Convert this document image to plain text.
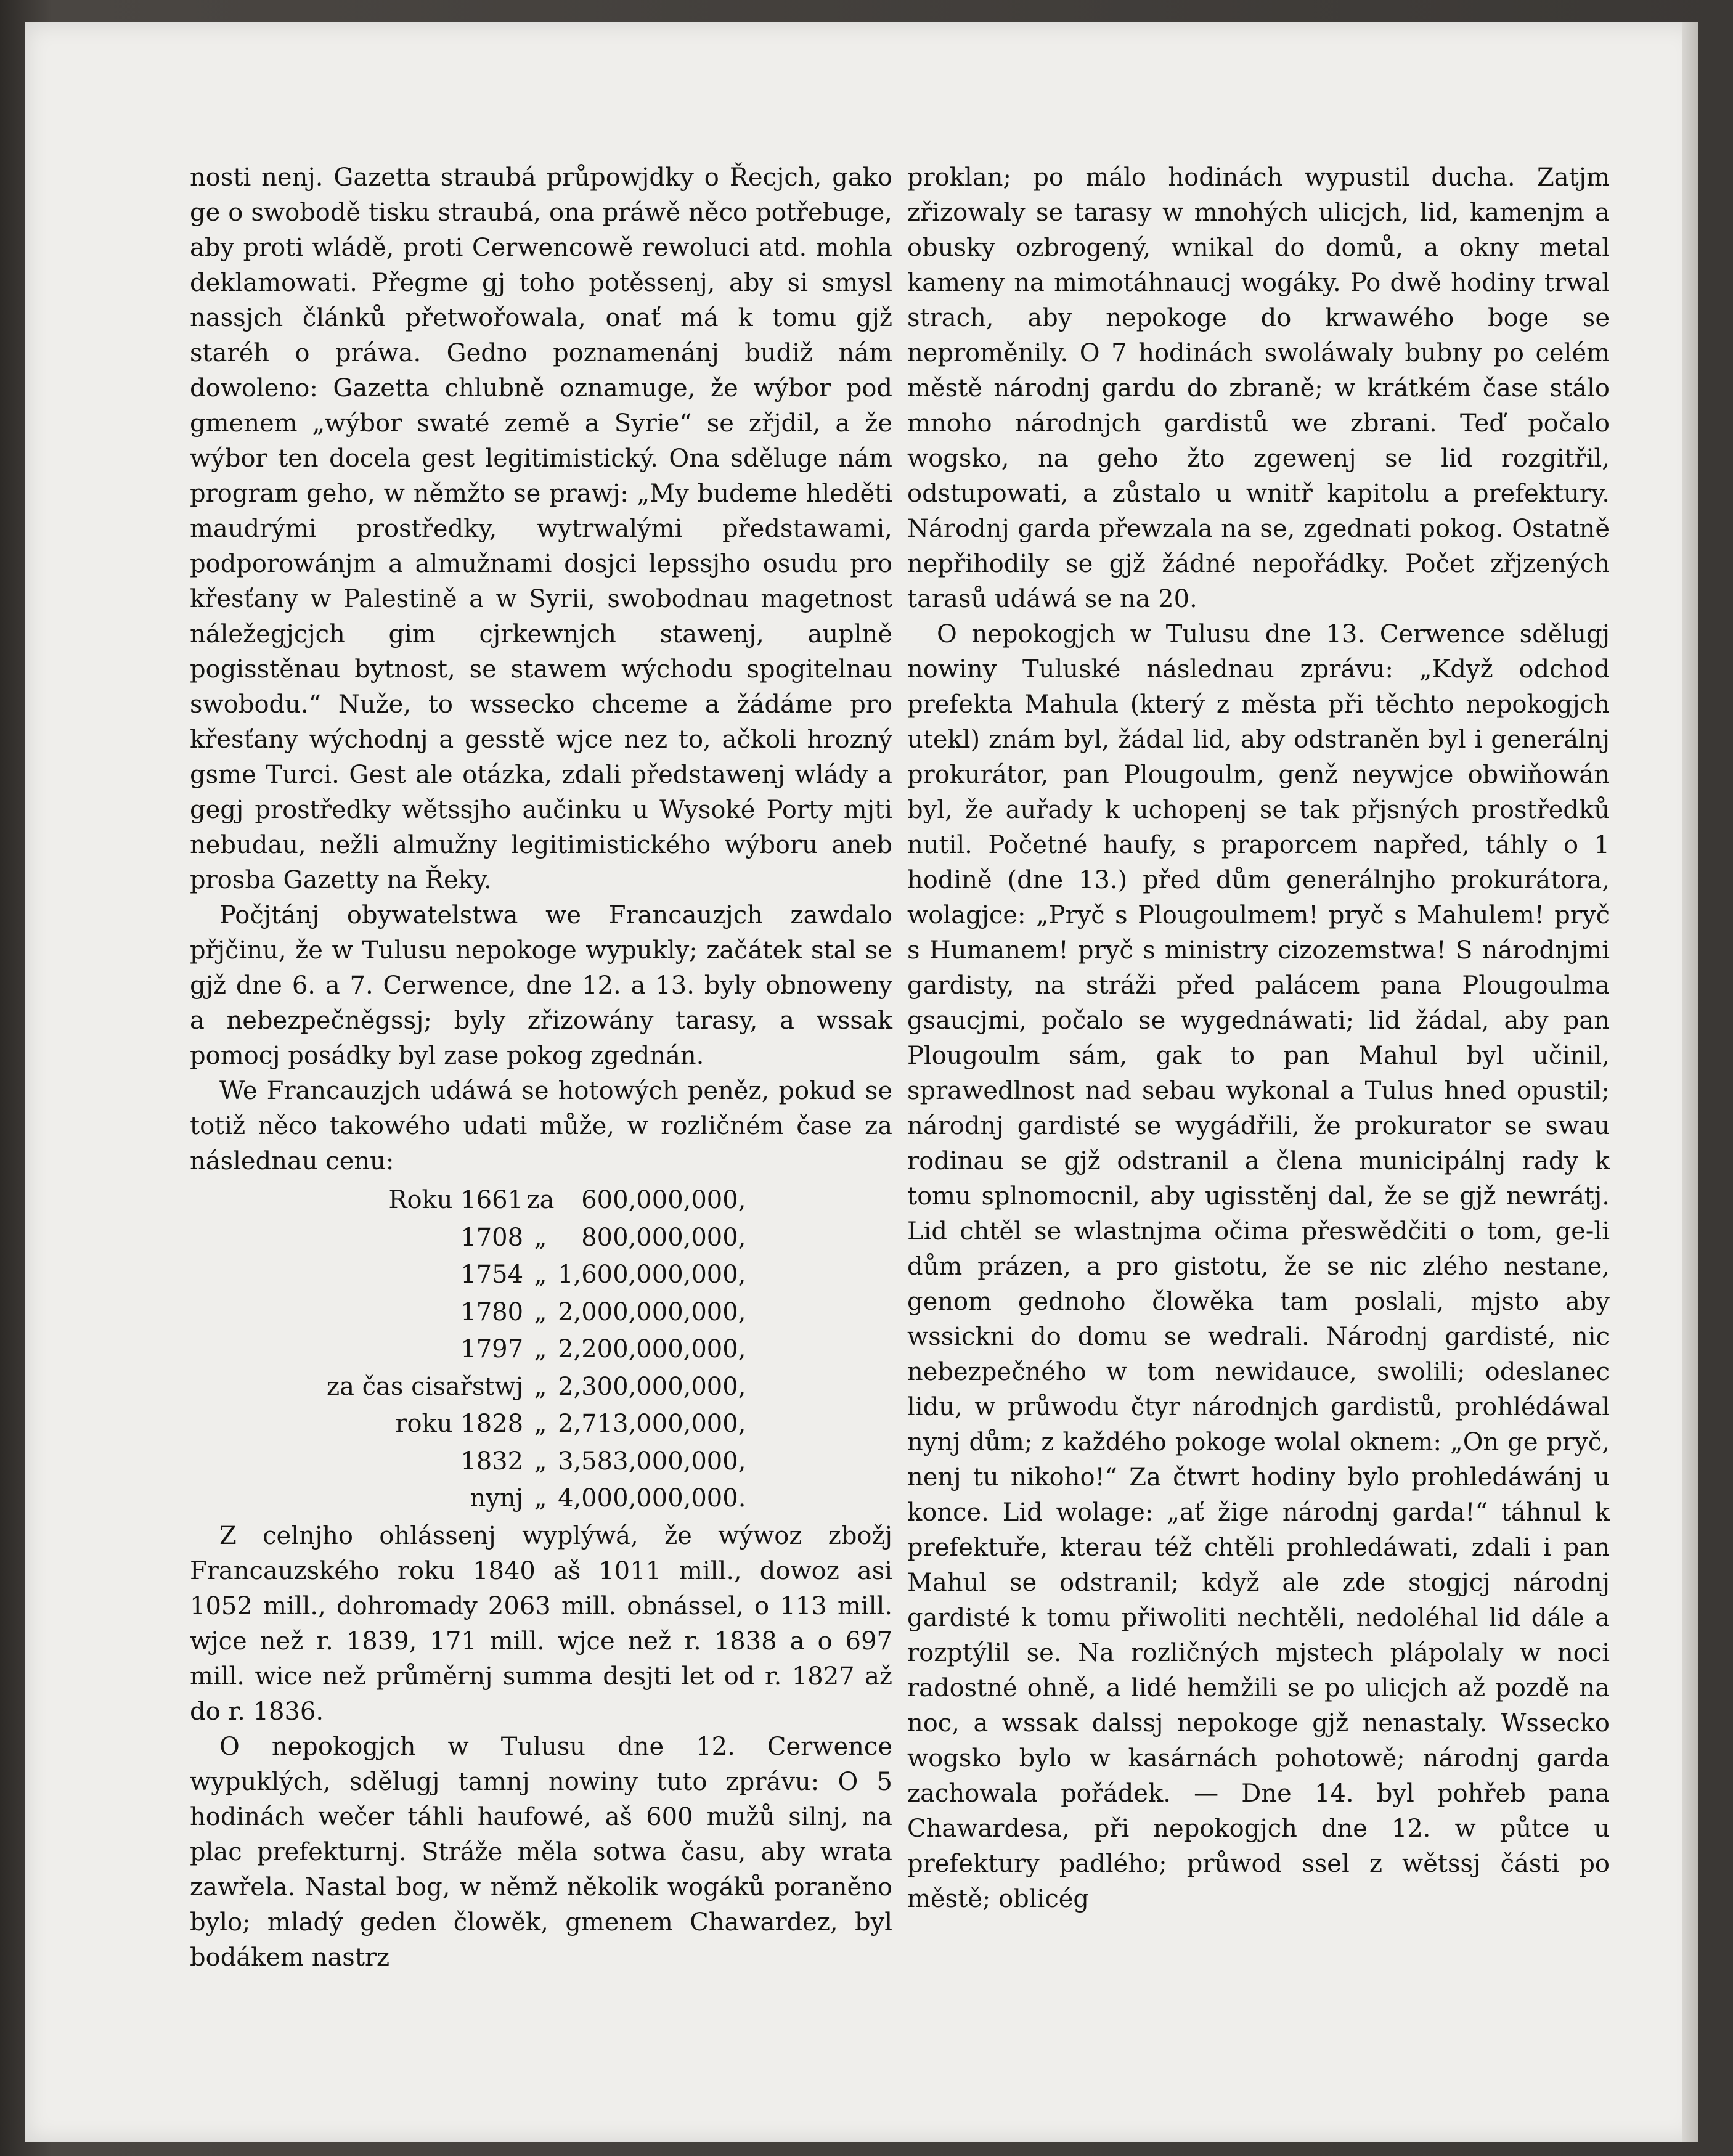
nosti nenj. Gazetta straubá průpowjdky o Řecjch, gako ge o swobodě tisku straubá, ona práwě něco potřebuge, aby proti wládě, proti Cerwencowě rewoluci atd. mohla deklamowati. Přegme gj toho potěssenj, aby si smysl nassjch článků přetwořowala, onať má k tomu gjž staréh o práwa. Gedno poznamenánj budiž nám dowoleno: Gazetta chlubně oznamuge, že wýbor pod gmenem „wýbor swaté země a Syrie“ se zřjdil, a že wýbor ten docela gest legitimistický. Ona sděluge nám program geho, w němžto se prawj: „My budeme hleděti maudrými prostředky, wytrwalými předstawami, podporowánjm a almužnami dosjci lepssjho osudu pro křesťany w Palestině a w Syrii, swobodnau magetnost náležegjcjch gim cjrkewnjch stawenj, auplně pogisstěnau bytnost, se stawem wýchodu spogitelnau swobodu.“ Nuže, to wssecko chceme a žádáme pro křesťany wýchodnj a gesstě wjce nez to, ačkoli hrozný gsme Turci. Gest ale otázka, zdali předstawenj wlády a gegj prostředky wětssjho aučinku u Wysoké Porty mjti nebudau, nežli almužny legitimistického wýboru aneb prosba Gazetty na Řeky.

Počjtánj obywatelstwa we Francauzjch zawdalo přjčinu, že w Tulusu nepokoge wypukly; začátek stal se gjž dne 6. a 7. Cerwence, dne 12. a 13. byly obnoweny a nebezpečněgssj; byly zřizowány tarasy, a wssak pomocj posádky byl zase pokog zgednán.

We Francauzjch udáwá se hotowých peněz, pokud se totiž něco takowého udati může, w rozličném čase za následnau cenu:

Roku 1661	za	600,000,000,
1708	„	800,000,000,
1754	„	1,600,000,000,
1780	„	2,000,000,000,
1797	„	2,200,000,000,
za čas cisařstwj	„	2,300,000,000,
roku 1828	„	2,713,000,000,
1832	„	3,583,000,000,
nynj	„	4,000,000,000.

Z celnjho ohlássenj wyplýwá, že wýwoz zbožj Francauzského roku 1840 aš 1011 mill., dowoz asi 1052 mill., dohromady 2063 mill. obnássel, o 113 mill. wjce než r. 1839, 171 mill. wjce než r. 1838 a o 697 mill. wice než průměrnj summa desjti let od r. 1827 až do r. 1836.

O nepokogjch w Tulusu dne 12. Cerwence wypuklých, sdělugj tamnj nowiny tuto zprávu: O 5 hodinách wečer táhli haufowé, aš 600 mužů silnj, na plac prefekturnj. Stráže měla sotwa času, aby wrata zawřela. Nastal bog, w němž několik wogáků poraněno bylo; mladý geden člowěk, gmenem Chawardez, byl bodákem nastrz

proklan; po málo hodinách wypustil ducha. Zatjm zřizowaly se tarasy w mnohých ulicjch, lid, kamenjm a obusky ozbrogený, wnikal do domů, a okny metal kameny na mimotáhnaucj wogáky. Po dwě hodiny trwal strach, aby nepokoge do krwawého boge se neproměnily. O 7 hodinách swoláwaly bubny po celém městě národnj gardu do zbraně; w krátkém čase stálo mnoho národnjch gardistů we zbrani. Teď počalo wogsko, na geho žto zgewenj se lid rozgitřil, odstupowati, a zůstalo u wnitř kapitolu a prefektury. Národnj garda přewzala na se, zgednati pokog. Ostatně nepřihodily se gjž žádné nepořádky. Počet zřjzených tarasů udáwá se na 20.

O nepokogjch w Tulusu dne 13. Cerwence sdělugj nowiny Tuluské následnau zprávu: „Když odchod prefekta Mahula (který z města při těchto nepokogjch utekl) znám byl, žádal lid, aby odstraněn byl i generálnj prokurátor, pan Plougoulm, genž neywjce obwiňowán byl, že auřady k uchopenj se tak přjsných prostředků nutil. Početné haufy, s praporcem napřed, táhly o 1 hodině (dne 13.) před dům generálnjho prokurátora, wolagjce: „Pryč s Plougoulmem! pryč s Mahulem! pryč s Humanem! pryč s ministry cizozemstwa! S národnjmi gardisty, na stráži před palácem pana Plougoulma gsaucjmi, počalo se wygednáwati; lid žádal, aby pan Plougoulm sám, gak to pan Mahul byl učinil, sprawedlnost nad sebau wykonal a Tulus hned opustil; národnj gardisté se wygádřili, že prokurator se swau rodinau se gjž odstranil a člena municipálnj rady k tomu splnomocnil, aby ugisstěnj dal, že se gjž newrátj. Lid chtěl se wlastnjma očima přeswědčiti o tom, ge-li dům prázen, a pro gistotu, že se nic zlého nestane, genom gednoho člowěka tam poslali, mjsto aby wssickni do domu se wedrali. Národnj gardisté, nic nebezpečného w tom newidauce, swolili; odeslanec lidu, w průwodu čtyr národnjch gardistů, prohlédáwal nynj dům; z každého pokoge wolal oknem: „On ge pryč, nenj tu nikoho!“ Za čtwrt hodiny bylo prohledáwánj u konce. Lid wolage: „ať žige národnj garda!“ táhnul k prefektuře, kterau též chtěli prohledáwati, zdali i pan Mahul se odstranil; když ale zde stogjcj národnj gardisté k tomu přiwoliti nechtěli, nedoléhal lid dále a rozptýlil se. Na rozličných mjstech plápolaly w noci radostné ohně, a lidé hemžili se po ulicjch až pozdě na noc, a wssak dalssj nepokoge gjž nenastaly. Wssecko wogsko bylo w kasárnách pohotowě; národnj garda zachowala pořádek. — Dne 14. byl pohřeb pana Chawardesa, při nepokogjch dne 12. w půtce u prefektury padlého; průwod ssel z wětssj části po městě; oblicég
